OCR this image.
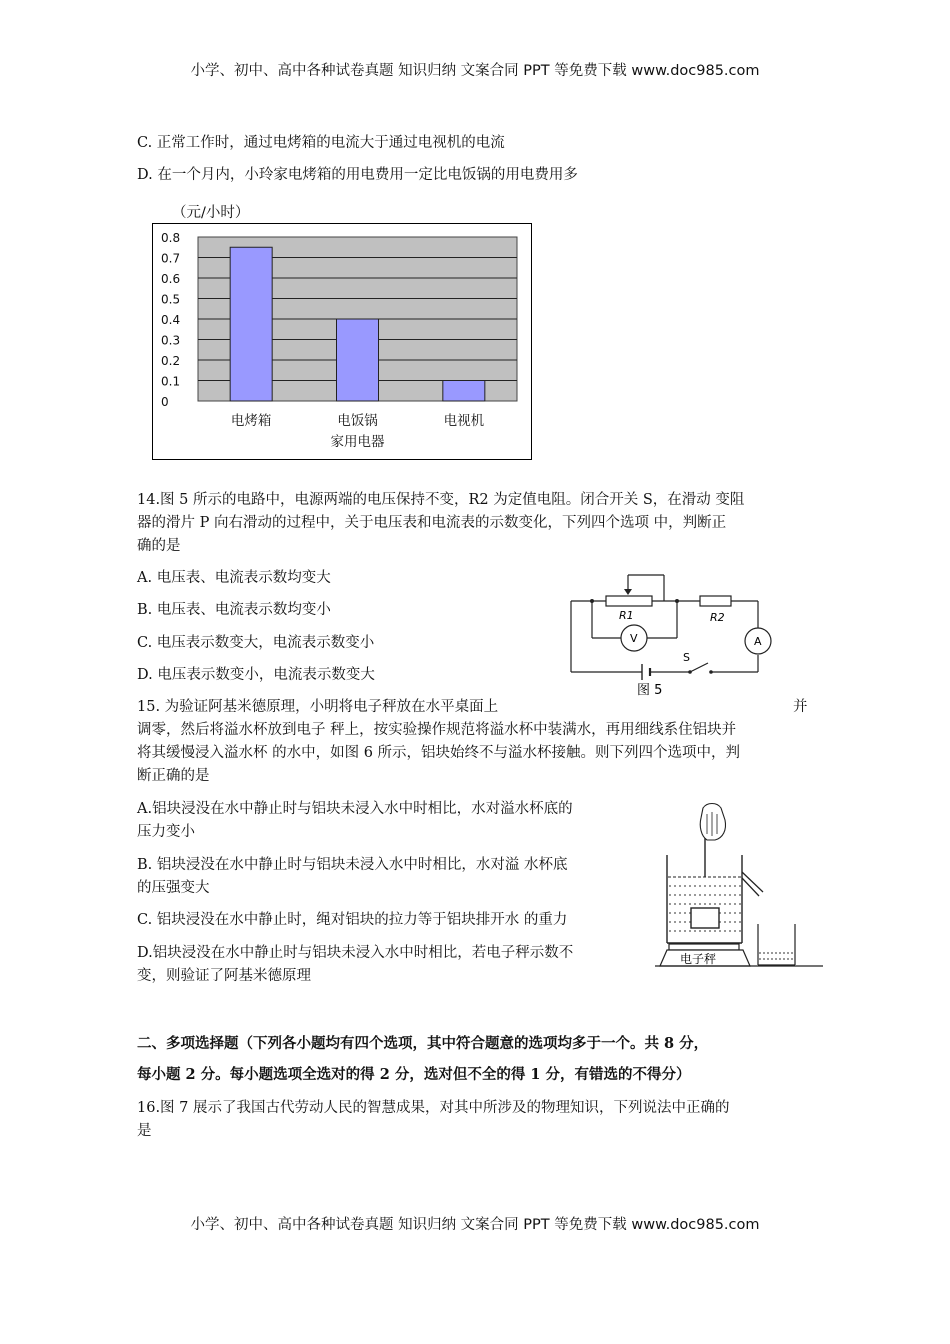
小学、初中、高中各种试卷真题 知识归纳 文案合同 PPT 等免费下载 www.doc985.com
C. 正常工作时，通过电烤箱的电流大于通过电视机的电流
D. 在一个月内，小玲家电烤箱的用电费用一定比电饭锅的用电费用多
（元/小时）
0.8
0.7
0.6
0.5
0.4
0.3
0.2
0.1
0
电烤箱	电饭锅	电视机
家用电器
14.图 5 所示的电路中，电源两端的电压保持不变，R2 为定值电阻。闭合开关 S，在滑动 变阻
器的滑片 P 向右滑动的过程中，关于电压表和电流表的示数变化，下列四个选项 中，判断正
确的是
A. 电压表、电流表示数均变大
B. 电压表、电流表示数均变小
C. 电压表示数变大，电流表示数变小
D. 电压表示数变小，电流表示数变大
R1	R2
V	A
S
图 5
15. 为验证阿基米德原理，小明将电子秤放在水平桌面上	并
调零，然后将溢水杯放到电子 秤上，按实验操作规范将溢水杯中装满水，再用细线系住铝块并
将其缓慢浸入溢水杯 的水中，如图 6 所示，铝块始终不与溢水杯接触。则下列四个选项中，判
断正确的是
A.铝块浸没在水中静止时与铝块未浸入水中时相比，水对溢水杯底的
压力变小
B. 铝块浸没在水中静止时与铝块未浸入水中时相比，水对溢 水杯底
的压强变大
C. 铝块浸没在水中静止时，绳对铝块的拉力等于铝块排开水 的重力
D.铝块浸没在水中静止时与铝块未浸入水中时相比，若电子秤示数不
变，则验证了阿基米德原理
电子秤
二、多项选择题（下列各小题均有四个选项，其中符合题意的选项均多于一个。共 8 分，
每小题 2 分。每小题选项全选对的得 2 分，选对但不全的得 1 分，有错选的不得分）
16.图 7 展示了我国古代劳动人民的智慧成果，对其中所涉及的物理知识，下列说法中正确的
是
小学、初中、高中各种试卷真题 知识归纳 文案合同 PPT 等免费下载 www.doc985.com
